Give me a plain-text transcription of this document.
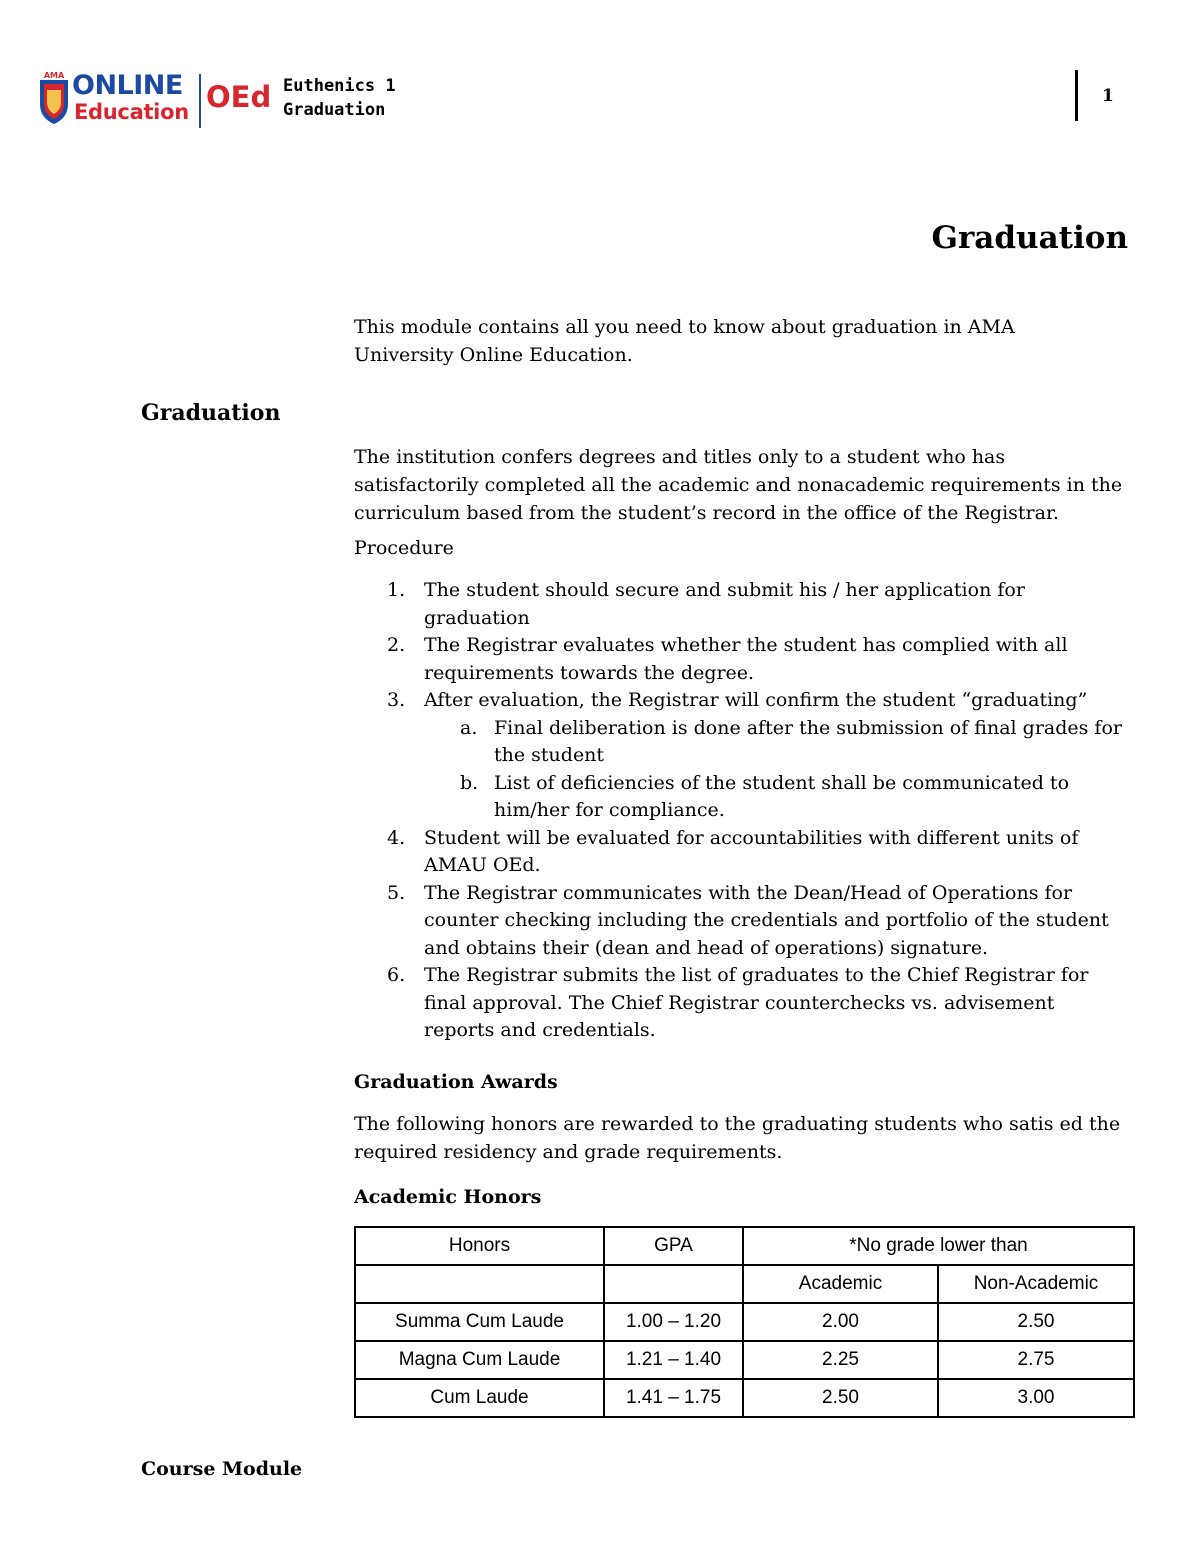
AMA ONLINE
Education OEd Euthenics 1
Graduation
1
Graduation
This module contains all you need to know about graduation in AMA University Online Education.
Graduation
The institution confers degrees and titles only to a student who has satisfactorily completed all the academic and nonacademic requirements in the curriculum based from the student’s record in the office of the Registrar.
Procedure
1. The student should secure and submit his / her application for graduation
2. The Registrar evaluates whether the student has complied with all requirements towards the degree.
3. After evaluation, the Registrar will confirm the student “graduating”
a. Final deliberation is done after the submission of final grades for the student
b. List of deficiencies of the student shall be communicated to him/her for compliance.
4. Student will be evaluated for accountabilities with different units of AMAU OEd.
5. The Registrar communicates with the Dean/Head of Operations for counter checking including the credentials and portfolio of the student and obtains their (dean and head of operations) signature.
6. The Registrar submits the list of graduates to the Chief Registrar for final approval. The Chief Registrar counterchecks vs. advisement reports and credentials.
Graduation Awards
The following honors are rewarded to the graduating students who satis ed the required residency and grade requirements.
Academic Honors
Honors	GPA	*No grade lower than	
		Academic	Non-Academic
Summa Cum Laude	1.00 – 1.20	2.00	2.50
Magna Cum Laude	1.21 – 1.40	2.25	2.75
Cum Laude	1.41 – 1.75	2.50	3.00
Course Module
